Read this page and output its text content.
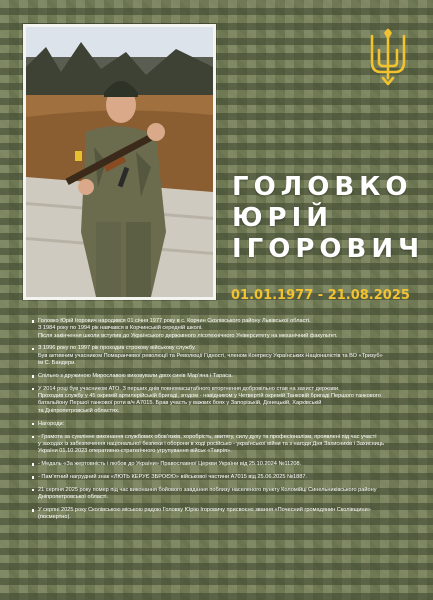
ГОЛОВКО
ЮРІЙ
ІГОРОВИЧ
01.01.1977 - 21.08.2025
Головко Юрій Ігорович народився 01 січня 1977 року в с. Корчин Сколівського району Львівської області.
З 1984 року по 1994 рік навчався в Корчинській середній школі.
Після закінчення школи вступив до Українського державного лісотехнічного Університету на механічний факультет.
З 1996 року по 1997 рік проходив строкову військову службу.
Був активним учасником Помаранчевої революції та Революції Гідності, членом Конгресу Українських Націоналістів та ВО «Тризуб»
ім С. Бандери.
Спільно з дружиною Мирославою виховували двох синів Мар'яна і Тараса.
У 2014 році був учасником АТО. З перших днів повномасштабного вторгнення добровільно став на захист держави.
Проходив службу у 45 окремій артилерійській бригаді, згодом - навідником у Четвертій окремій Танковій бригаді Першого танкового
батальйону Першої танкової роти в/ч А7015. Брав участь у важких боях у Запорізькій, Донецькій, Харківській
та Дніпропетровській областях.
Нагороди:
- Грамота за сумлінне виконання службових обов'язків, хоробрість, звитягу, силу духу та професіоналізм, проявлені під час участі
у заходах із забезпечення національної безпеки і оборони в ході російсько - української війни та з нагоди Дня Захисників і Захисниць
України 01.10.2023 оперативно-стратегічного угрупування військ «Таврія».
- Медаль «За жертовність і любов до України» Православної Церкви України від 25.10.2024 №11208.
- Пам'ятний нагрудний знак «ЛЮТЬ КЕРУЄ ЗБРОЄЮ» військової частини А7015 від 25.06.2025 №1887.
21 серпня 2025 року помер під час виконання бойового завдання поблизу населеного пункту Коломійці Синельниківського району
Дніпропетровської області.
У серпні 2025 року Сколівською міською радою Головку Юрію Ігоровичу присвоєно звання «Почесний громадянин Сколівщини»
(посмертно).
